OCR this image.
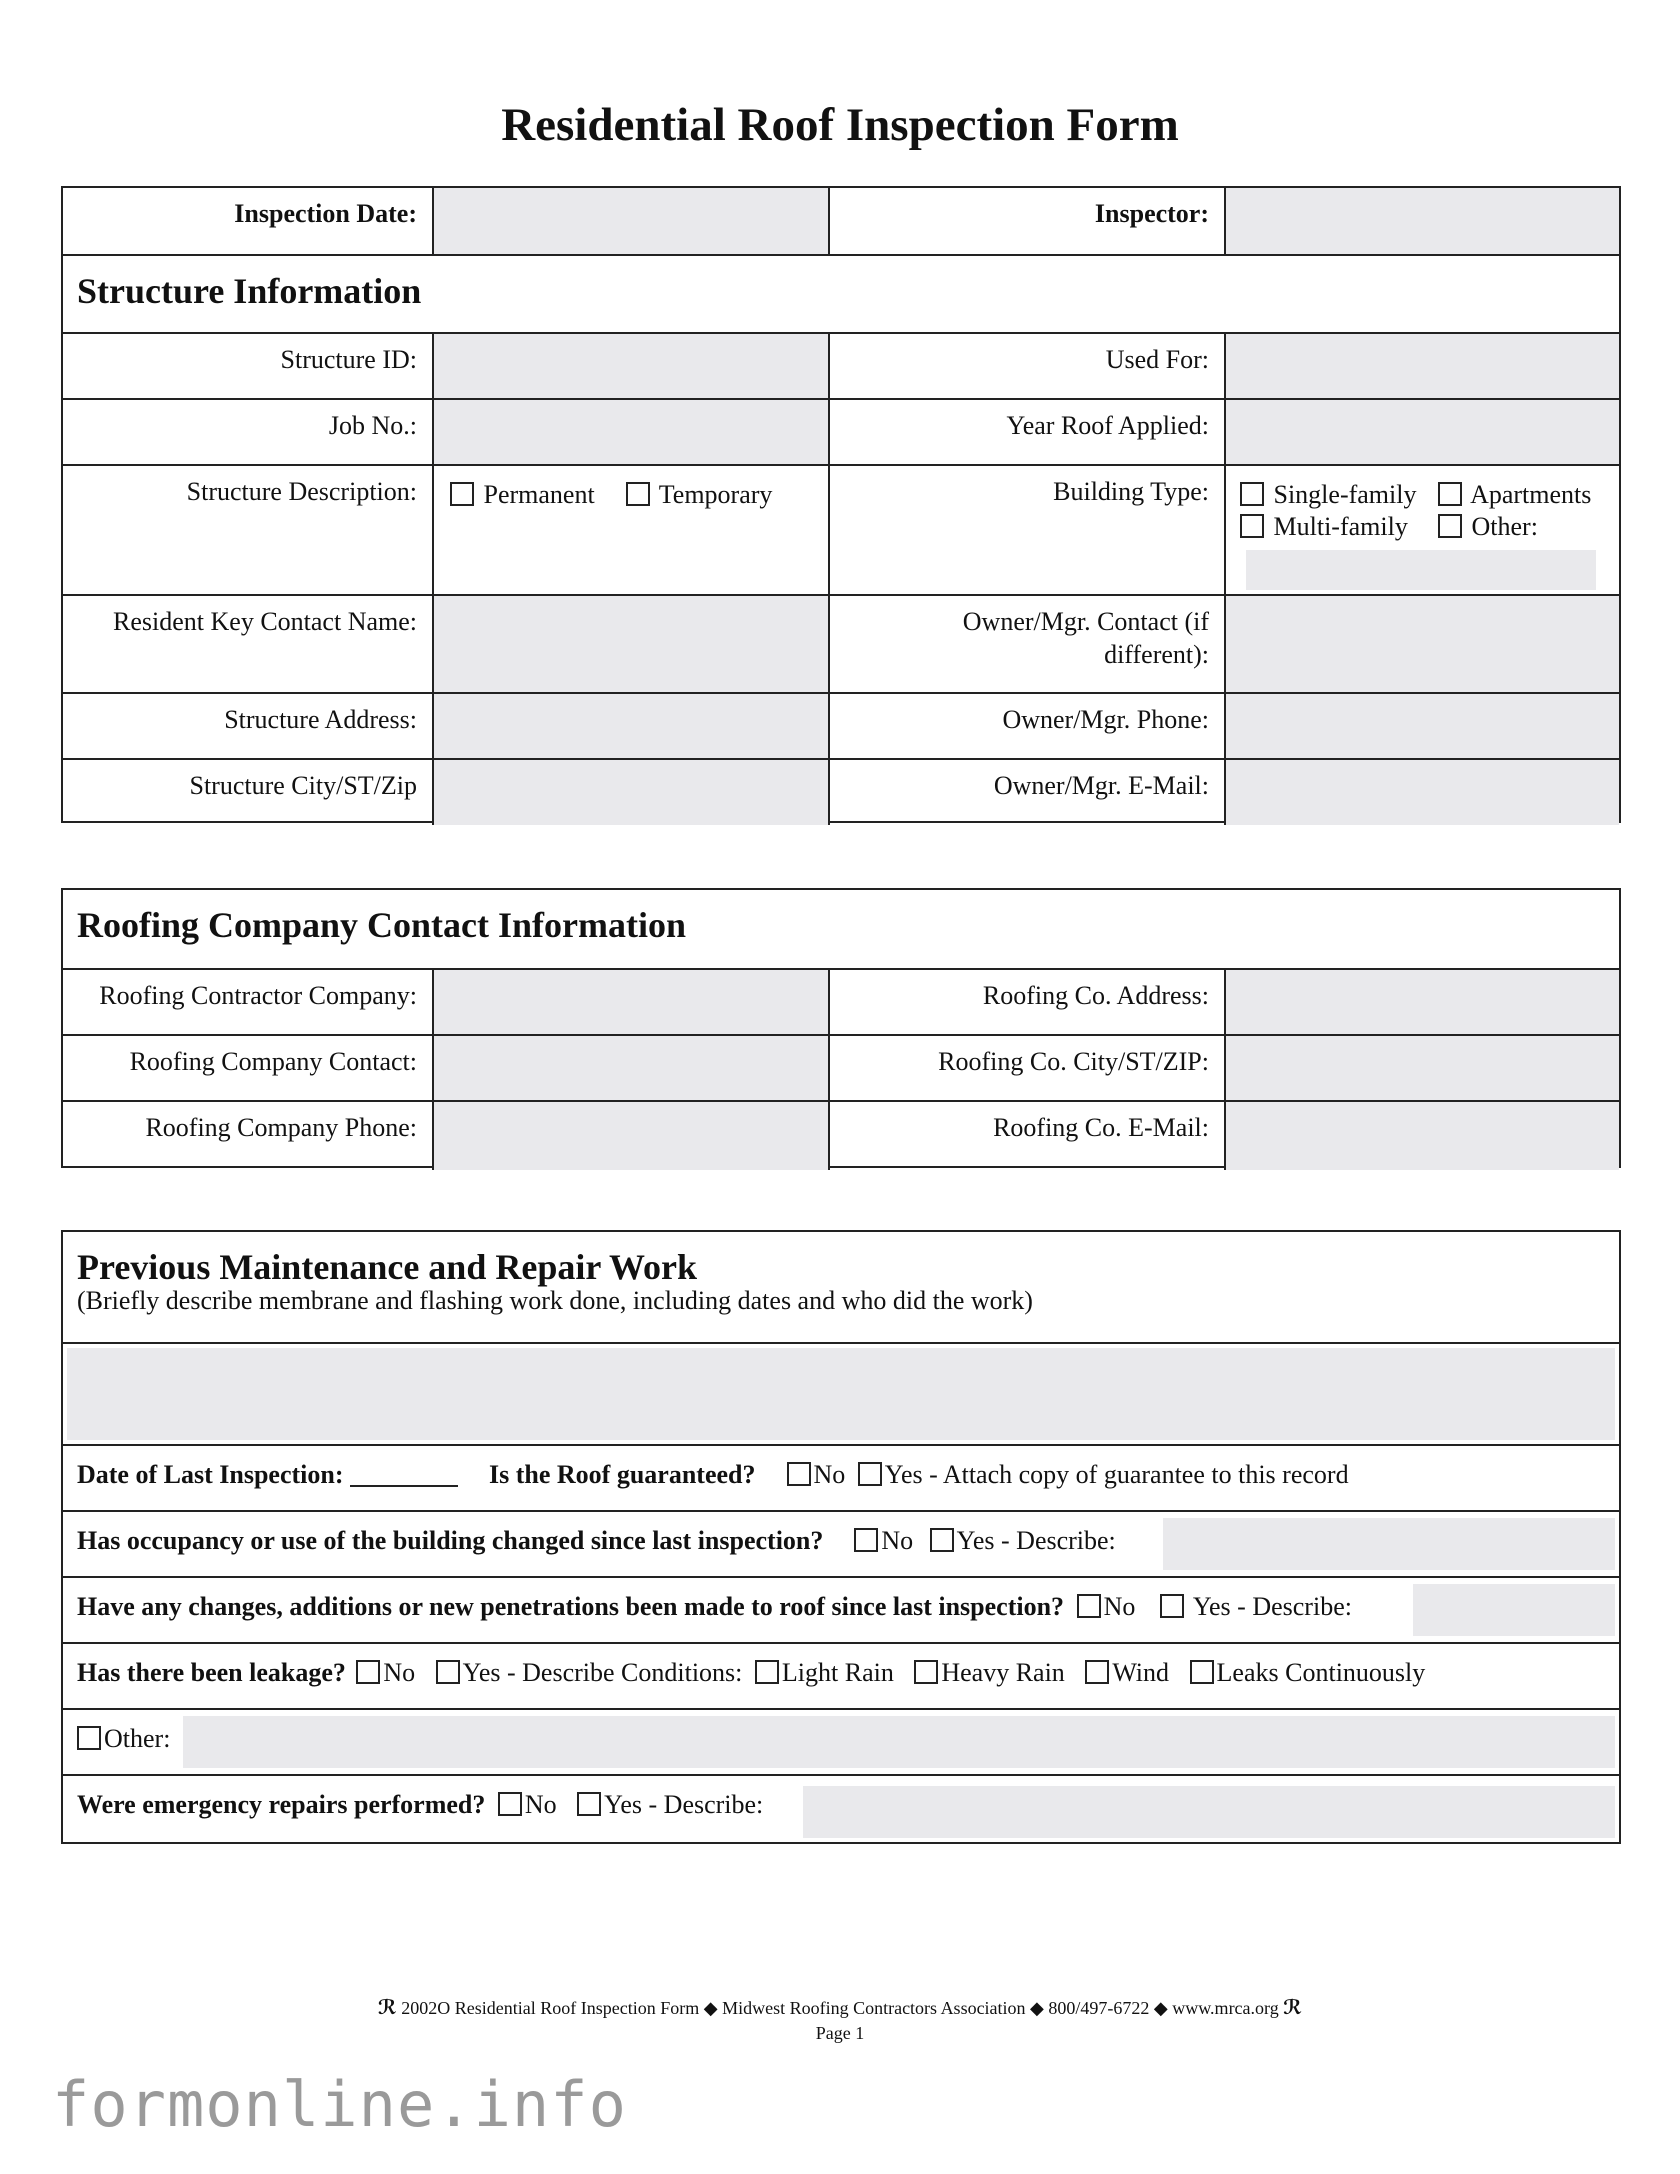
Residential Roof Inspection Form
Inspection Date:	Inspector:
Structure Information
Structure ID:	Used For:
Job No.:	Year Roof Applied:
Structure Description:	Permanent Temporary	Building Type:	Single-family	Apartments
Multi-family	Other:
Resident Key Contact Name:	Owner/Mgr. Contact (if different):
Structure Address:	Owner/Mgr. Phone:
Structure City/ST/Zip	Owner/Mgr. E-Mail:
Roofing Company Contact Information
Roofing Contractor Company:	Roofing Co. Address:
Roofing Company Contact:	Roofing Co. City/ST/ZIP:
Roofing Company Phone:	Roofing Co. E-Mail:
Previous Maintenance and Repair Work
(Briefly describe membrane and flashing work done, including dates and who did the work)
Date of Last Inspection:	Is the Roof guaranteed? No Yes - Attach copy of guarantee to this record
Has occupancy or use of the building changed since last inspection? No Yes - Describe:
Have any changes, additions or new penetrations been made to roof since last inspection? No Yes - Describe:
Has there been leakage? No Yes - Describe Conditions: Light Rain Heavy Rain Wind Leaks Continuously
Other:
Were emergency repairs performed? No Yes - Describe:
ℛ 2002O Residential Roof Inspection Form ◆ Midwest Roofing Contractors Association ◆ 800/497-6722 ◆ www.mrca.org ℛ
Page 1
formonline.info
